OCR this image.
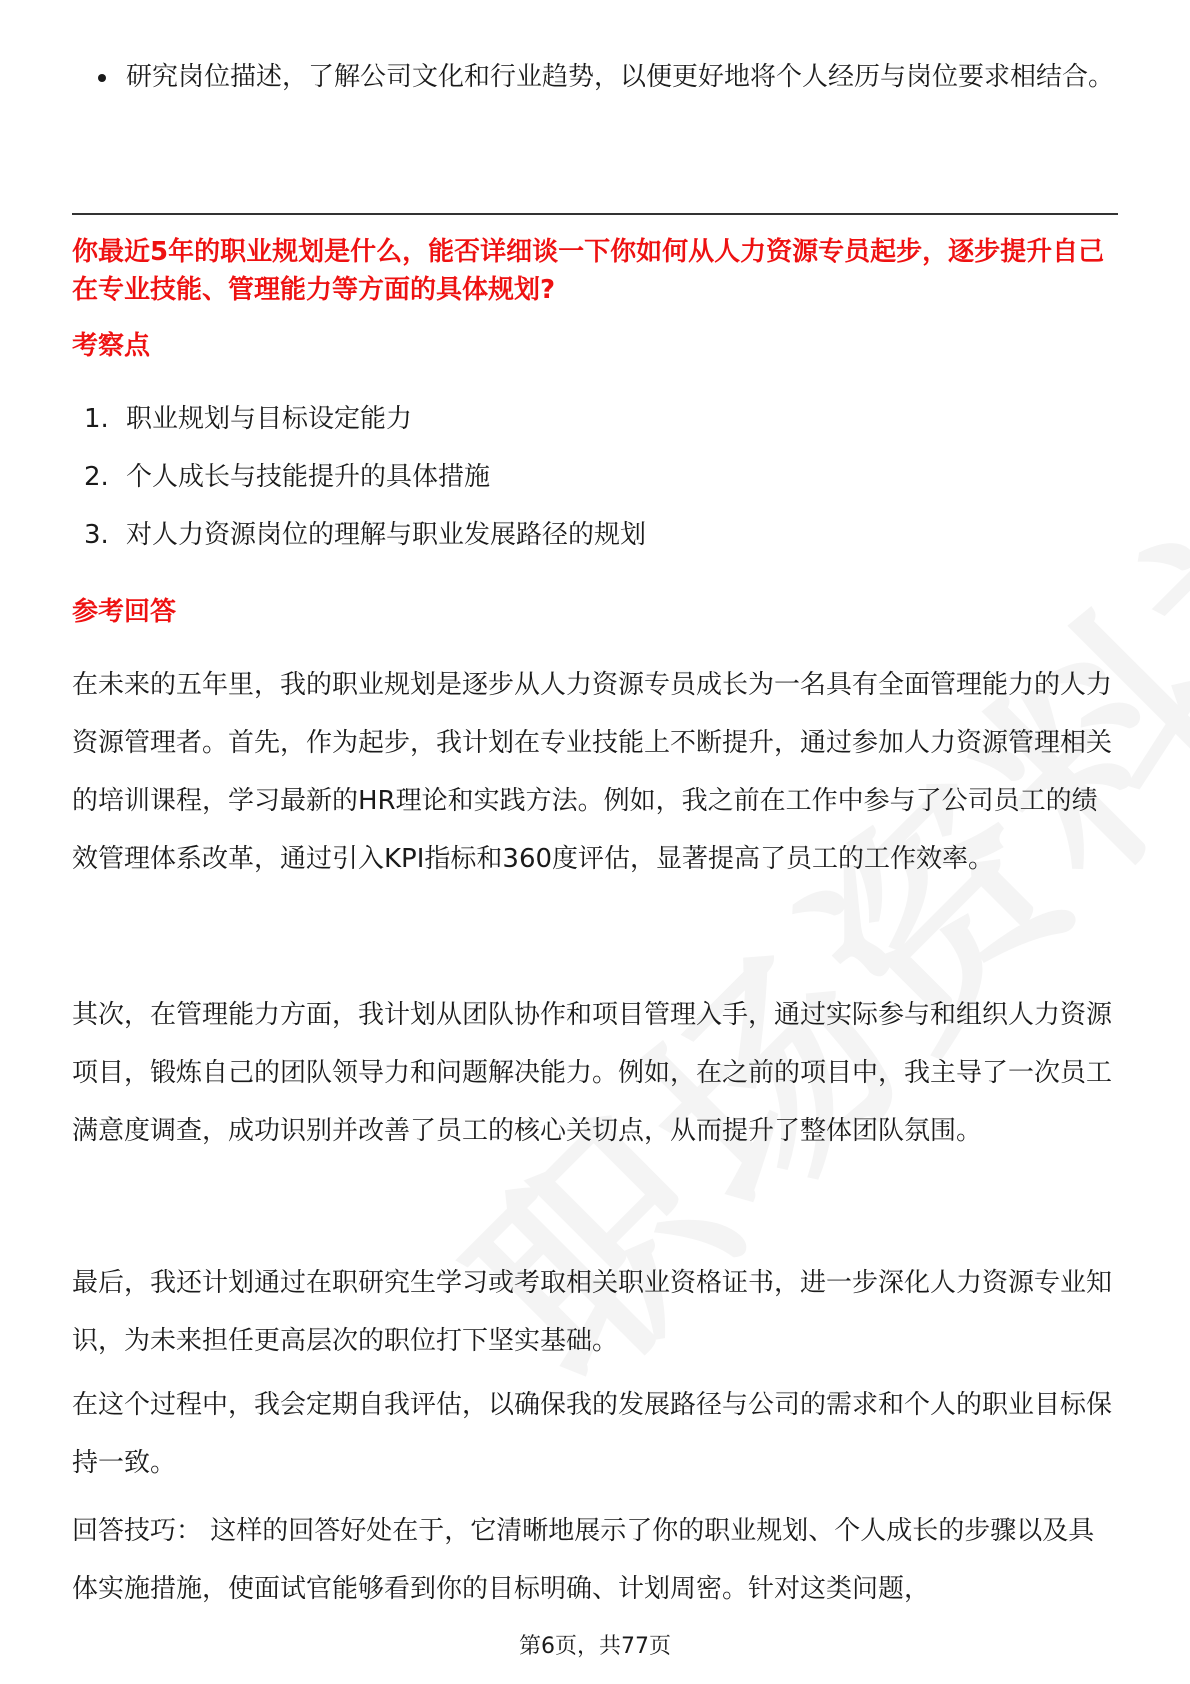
研究岗位描述，了解公司文化和行业趋势，以便更好地将个人经历与岗位要求相结合。
你最近5年的职业规划是什么，能否详细谈一下你如何从人力资源专员起步，逐步提升自己在专业技能、管理能力等方面的具体规划?
考察点
1. 职业规划与目标设定能力
2. 个人成长与技能提升的具体措施
3. 对人力资源岗位的理解与职业发展路径的规划
参考回答

在未来的五年里，我的职业规划是逐步从人力资源专员成长为一名具有全面管理能力的人力资源管理者。首先，作为起步，我计划在专业技能上不断提升，通过参加人力资源管理相关的培训课程，学习最新的HR理论和实践方法。例如，我之前在工作中参与了公司员工的绩效管理体系改革，通过引入KPI指标和360度评估，显著提高了员工的工作效率。

其次，在管理能力方面，我计划从团队协作和项目管理入手，通过实际参与和组织人力资源项目，锻炼自己的团队领导力和问题解决能力。例如，在之前的项目中，我主导了一次员工满意度调查，成功识别并改善了员工的核心关切点，从而提升了整体团队氛围。

最后，我还计划通过在职研究生学习或考取相关职业资格证书，进一步深化人力资源专业知识，为未来担任更高层次的职位打下坚实基础。

在这个过程中，我会定期自我评估，以确保我的发展路径与公司的需求和个人的职业目标保持一致。

回答技巧： 这样的回答好处在于，它清晰地展示了你的职业规划、个人成长的步骤以及具体实施措施，使面试官能够看到你的目标明确、计划周密。针对这类问题，

第6页，共77页
